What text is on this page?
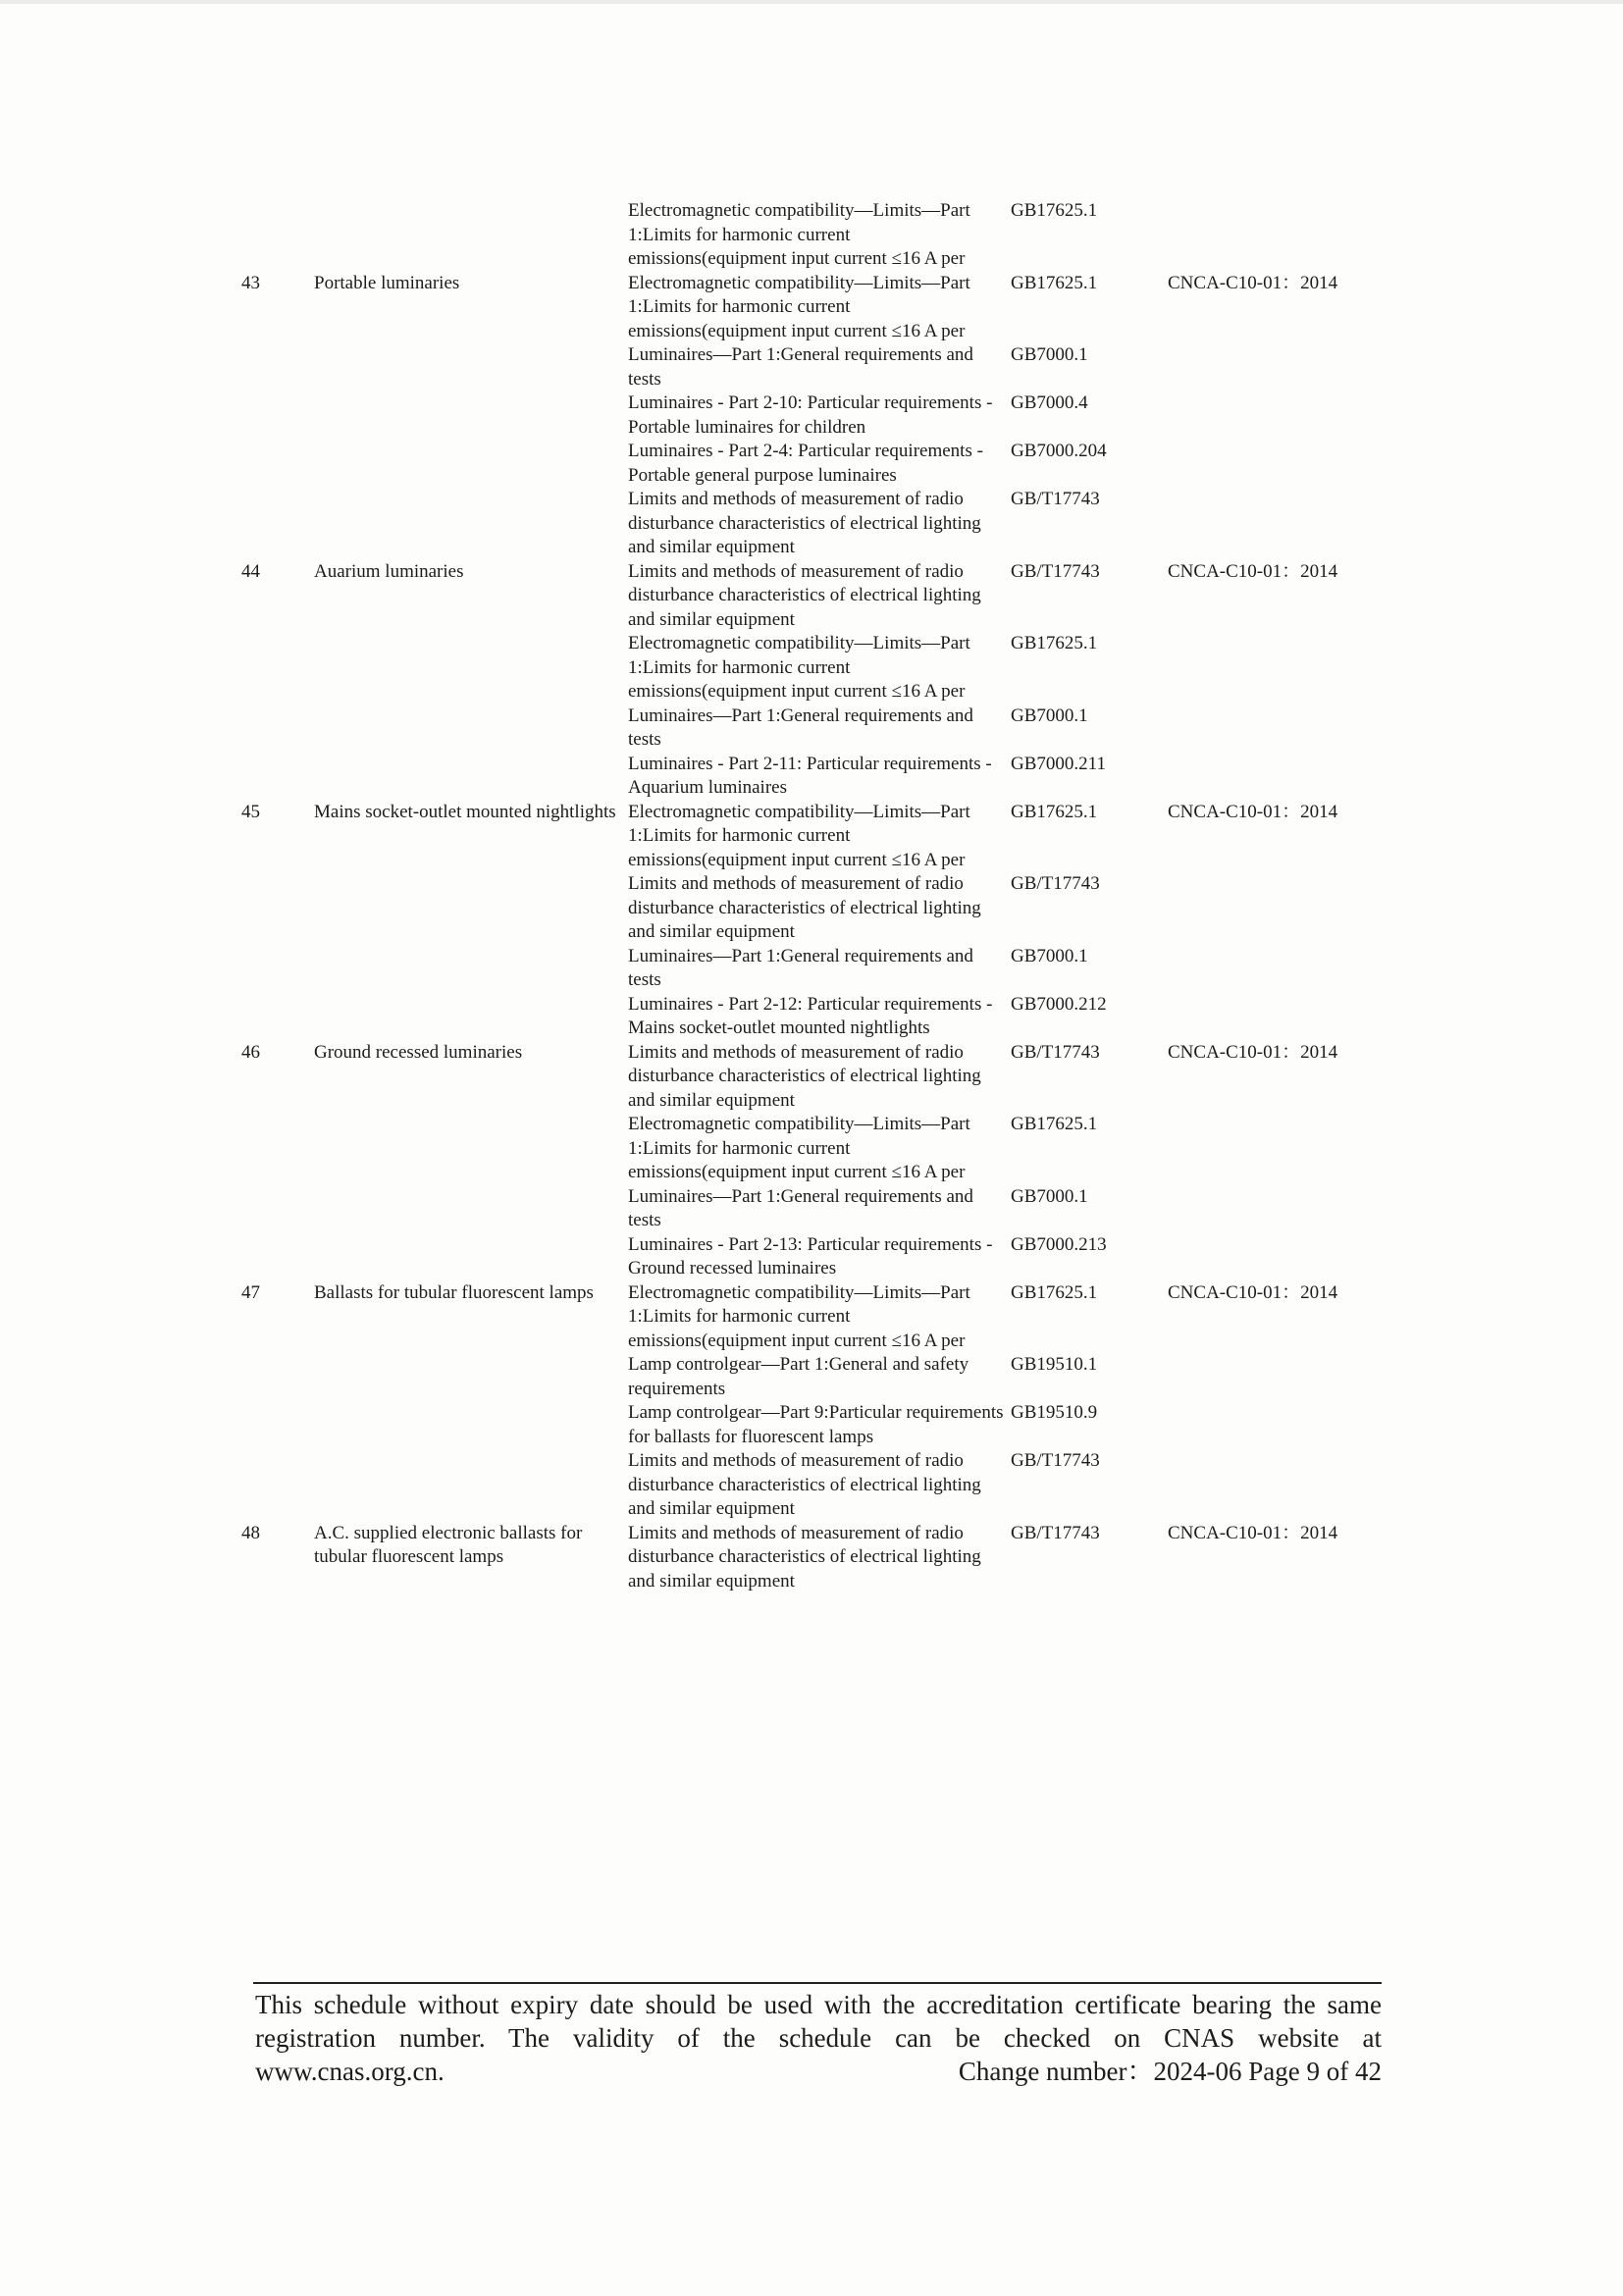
		Electromagnetic compatibility—Limits—Part 1:Limits for harmonic current emissions(equipment input current ≤16 A per	GB17625.1	
43	Portable luminaries	Electromagnetic compatibility—Limits—Part 1:Limits for harmonic current emissions(equipment input current ≤16 A per	GB17625.1	CNCA-C10-01：2014
		Luminaires—Part 1:General requirements and tests	GB7000.1	
		Luminaires - Part 2-10: Particular requirements - Portable luminaires for children	GB7000.4	
		Luminaires - Part 2-4: Particular requirements - Portable general purpose luminaires	GB7000.204	
		Limits and methods of measurement of radio disturbance characteristics of electrical lighting and similar equipment	GB/T17743	
44	Auarium luminaries	Limits and methods of measurement of radio disturbance characteristics of electrical lighting and similar equipment	GB/T17743	CNCA-C10-01：2014
		Electromagnetic compatibility—Limits—Part 1:Limits for harmonic current emissions(equipment input current ≤16 A per	GB17625.1	
		Luminaires—Part 1:General requirements and tests	GB7000.1	
		Luminaires - Part 2-11: Particular requirements - Aquarium luminaires	GB7000.211	
45	Mains socket-outlet mounted nightlights	Electromagnetic compatibility—Limits—Part 1:Limits for harmonic current emissions(equipment input current ≤16 A per	GB17625.1	CNCA-C10-01：2014
		Limits and methods of measurement of radio disturbance characteristics of electrical lighting and similar equipment	GB/T17743	
		Luminaires—Part 1:General requirements and tests	GB7000.1	
		Luminaires - Part 2-12: Particular requirements - Mains socket-outlet mounted nightlights	GB7000.212	
46	Ground recessed luminaries	Limits and methods of measurement of radio disturbance characteristics of electrical lighting and similar equipment	GB/T17743	CNCA-C10-01：2014
		Electromagnetic compatibility—Limits—Part 1:Limits for harmonic current emissions(equipment input current ≤16 A per	GB17625.1	
		Luminaires—Part 1:General requirements and tests	GB7000.1	
		Luminaires - Part 2-13: Particular requirements - Ground recessed luminaires	GB7000.213	
47	Ballasts for tubular fluorescent lamps	Electromagnetic compatibility—Limits—Part 1:Limits for harmonic current emissions(equipment input current ≤16 A per	GB17625.1	CNCA-C10-01：2014
		Lamp controlgear—Part 1:General and safety requirements	GB19510.1	
		Lamp controlgear—Part 9:Particular requirements for ballasts for fluorescent lamps	GB19510.9	
		Limits and methods of measurement of radio disturbance characteristics of electrical lighting and similar equipment	GB/T17743	
48	A.C. supplied electronic ballasts for tubular fluorescent lamps	Limits and methods of measurement of radio disturbance characteristics of electrical lighting and similar equipment	GB/T17743	CNCA-C10-01：2014

This schedule without expiry date should be used with the accreditation certificate bearing the same registration number. The validity of the schedule can be checked on CNAS website at

www.cnas.org.cn.	Change number：2024-06 Page 9 of 42
